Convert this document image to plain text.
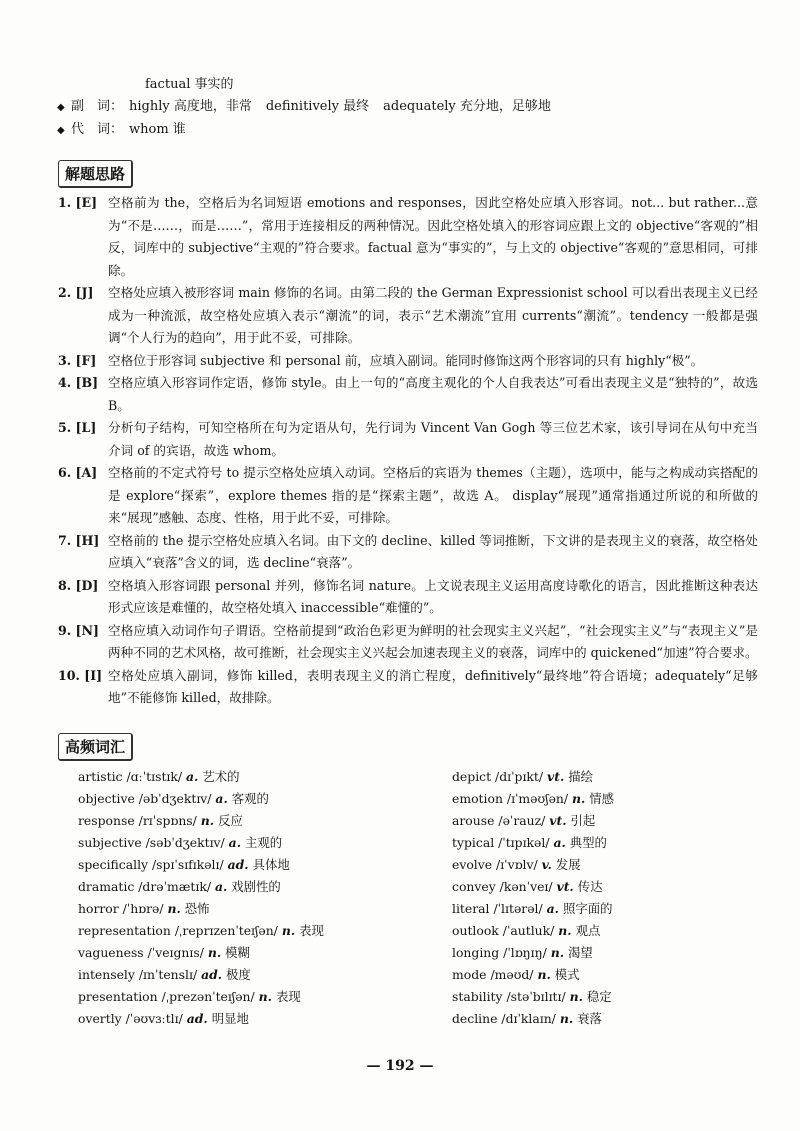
factual 事实的
◆ 副　词： highly 高度地，非常 definitively 最终 adequately 充分地，足够地
◆ 代　词： whom 谁
解题思路
1. [E] 空格前为 the，空格后为名词短语 emotions and responses，因此空格处应填入形容词。not... but rather...意为“不是……，而是……”，常用于连接相反的两种情况。因此空格处填入的形容词应跟上文的 objective“客观的”相反，词库中的 subjective“主观的”符合要求。factual 意为“事实的”，与上文的 objective“客观的”意思相同，可排除。
2. [J]	空格处应填入被形容词 main 修饰的名词。由第二段的 the German Expressionist school 可以看出表现主义已经成为一种流派，故空格处应填入表示“潮流”的词，表示“艺术潮流”宜用 currents“潮流”。tendency 一般都是强调“个人行为的趋向”，用于此不妥，可排除。
3. [F] 空格位于形容词 subjective 和 personal 前，应填入副词。能同时修饰这两个形容词的只有 highly“极”。
4. [B] 空格应填入形容词作定语，修饰 style。由上一句的“高度主观化的个人自我表达”可看出表现主义是“独特的”，故选 B。
5. [L] 分析句子结构，可知空格所在句为定语从句，先行词为 Vincent Van Gogh 等三位艺术家，该引导词在从句中充当介词 of 的宾语，故选 whom。
6. [A] 空格前的不定式符号 to 提示空格处应填入动词。空格后的宾语为 themes（主题），选项中，能与之构成动宾搭配的是 explore“探索”，explore themes 指的是“探索主题”，故选 A。 display“展现”通常指通过所说的和所做的来“展现”感触、态度、性格，用于此不妥，可排除。
7. [H] 空格前的 the 提示空格处应填入名词。由下文的 decline、killed 等词推断，下文讲的是表现主义的衰落，故空格处应填入“衰落”含义的词，选 decline“衰落”。
8. [D] 空格填入形容词跟 personal 并列，修饰名词 nature。上文说表现主义运用高度诗歌化的语言，因此推断这种表达形式应该是难懂的，故空格处填入 inaccessible“难懂的”。
9. [N] 空格应填入动词作句子谓语。空格前提到“政治色彩更为鲜明的社会现实主义兴起”，“社会现实主义”与“表现主义”是两种不同的艺术风格，故可推断，社会现实主义兴起会加速表现主义的衰落，词库中的 quickened“加速”符合要求。
10. [I] 空格处应填入副词，修饰 killed，表明表现主义的消亡程度，definitively“最终地”符合语境；adequately“足够地”不能修饰 killed，故排除。
高频词汇
artistic /ɑːˈtɪstɪk/ a. 艺术的
objective /əbˈdʒektɪv/ a. 客观的
response /rɪˈspɒns/ n. 反应
subjective /səbˈdʒektɪv/ a. 主观的
specifically /spɪˈsɪfɪkəlɪ/ ad. 具体地
dramatic /drəˈmætɪk/ a. 戏剧性的
horror /ˈhɒrə/ n. 恐怖
representation /ˌreprɪzenˈteɪʃən/ n. 表现
vagueness /ˈveɪgnɪs/ n. 模糊
intensely /ɪnˈtenslɪ/ ad. 极度
presentation /ˌprezənˈteɪʃən/ n. 表现
overtly /ˈəʊvɜːtlɪ/ ad. 明显地
depict /dɪˈpɪkt/ vt. 描绘
emotion /ɪˈməʊʃən/ n. 情感
arouse /əˈrauz/ vt. 引起
typical /ˈtɪpɪkəl/ a. 典型的
evolve /ɪˈvɒlv/ v. 发展
convey /kənˈveɪ/ vt. 传达
literal /ˈlɪtərəl/ a. 照字面的
outlook /ˈautluk/ n. 观点
longing /ˈlɒŋɪŋ/ n. 渴望
mode /məʊd/ n. 模式
stability /stəˈbɪlɪtɪ/ n. 稳定
decline /dɪˈklaɪn/ n. 衰落
— 192 —
